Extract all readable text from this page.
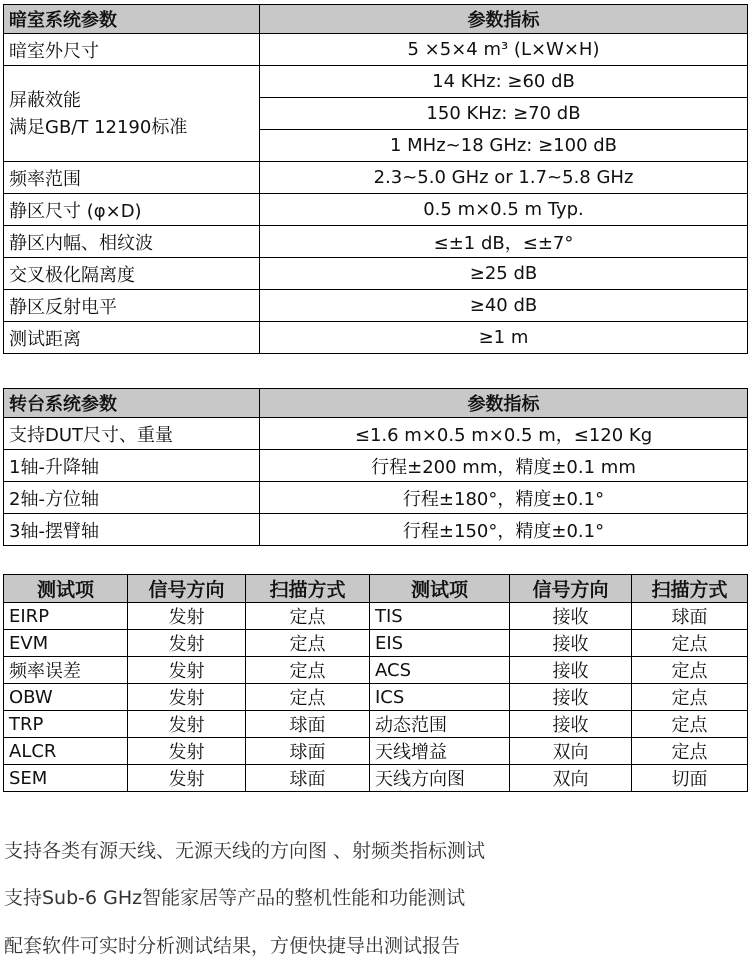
暗室系统参数	参数指标
暗室外尺寸	5 ×5×4 m³ (L×W×H)

屏蔽效能
满足GB/T 12190标准	14 KHz: ≥60 dB
	150 KHz: ≥70 dB
	1 MHz~18 GHz: ≥100 dB
频率范围	2.3~5.0 GHz or 1.7~5.8 GHz
静区尺寸 (φ×D)	0.5 m×0.5 m Typ.
静区内幅、相纹波	≤±1 dB，≤±7°
交叉极化隔离度	≥25 dB
静区反射电平	≥40 dB
测试距离	≥1 m
转台系统参数	参数指标
支持DUT尺寸、重量	≤1.6 m×0.5 m×0.5 m，≤120 Kg
1轴-升降轴	行程±200 mm，精度±0.1 mm
2轴-方位轴	行程±180°，精度±0.1°
3轴-摆臂轴	行程±150°，精度±0.1°
测试项	信号方向	扫描方式	测试项	信号方向	扫描方式
EIRP	发射	定点	TIS	接收	球面
EVM	发射	定点	EIS	接收	定点
频率误差	发射	定点	ACS	接收	定点
OBW	发射	定点	ICS	接收	定点
TRP	发射	球面	动态范围	接收	定点
ALCR	发射	球面	天线增益	双向	定点
SEM	发射	球面	天线方向图	双向	切面
支持各类有源天线、无源天线的方向图 、射频类指标测试
支持Sub-6 GHz智能家居等产品的整机性能和功能测试
配套软件可实时分析测试结果，方便快捷导出测试报告
